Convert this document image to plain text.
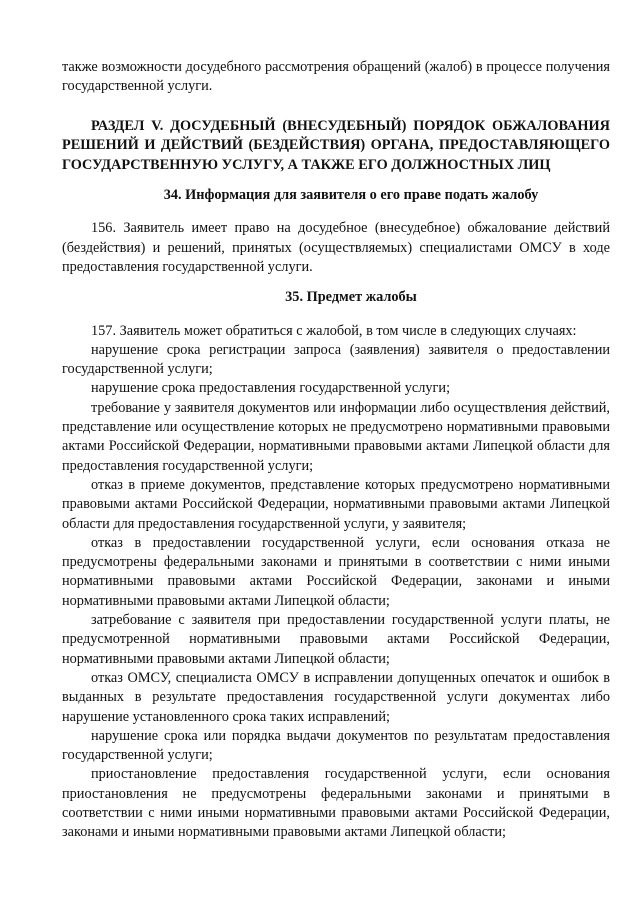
также возможности досудебного рассмотрения обращений (жалоб) в процессе получения государственной услуги.

РАЗДЕЛ V. ДОСУДЕБНЫЙ (ВНЕСУДЕБНЫЙ) ПОРЯДОК ОБЖАЛОВАНИЯ РЕШЕНИЙ И ДЕЙСТВИЙ (БЕЗДЕЙСТВИЯ) ОРГАНА, ПРЕДОСТАВЛЯЮЩЕГО ГОСУДАРСТВЕННУЮ УСЛУГУ, А ТАКЖЕ ЕГО ДОЛЖНОСТНЫХ ЛИЦ

34. Информация для заявителя о его праве подать жалобу

156. Заявитель имеет право на досудебное (внесудебное) обжалование действий (бездействия) и решений, принятых (осуществляемых) специалистами ОМСУ в ходе предоставления государственной услуги.

35. Предмет жалобы

157. Заявитель может обратиться с жалобой, в том числе в следующих случаях:

нарушение срока регистрации запроса (заявления) заявителя о предоставлении государственной услуги;

нарушение срока предоставления государственной услуги;

требование у заявителя документов или информации либо осуществления действий, представление или осуществление которых не предусмотрено нормативными правовыми актами Российской Федерации, нормативными правовыми актами Липецкой области для предоставления государственной услуги;

отказ в приеме документов, представление которых предусмотрено нормативными правовыми актами Российской Федерации, нормативными правовыми актами Липецкой области для предоставления государственной услуги, у заявителя;

отказ в предоставлении государственной услуги, если основания отказа не предусмотрены федеральными законами и принятыми в соответствии с ними иными нормативными правовыми актами Российской Федерации, законами и иными нормативными правовыми актами Липецкой области;

затребование с заявителя при предоставлении государственной услуги платы, не предусмотренной нормативными правовыми актами Российской Федерации, нормативными правовыми актами Липецкой области;

отказ ОМСУ, специалиста ОМСУ в исправлении допущенных опечаток и ошибок в выданных в результате предоставления государственной услуги документах либо нарушение установленного срока таких исправлений;

нарушение срока или порядка выдачи документов по результатам предоставления государственной услуги;

приостановление предоставления государственной услуги, если основания приостановления не предусмотрены федеральными законами и принятыми в соответствии с ними иными нормативными правовыми актами Российской Федерации, законами и иными нормативными правовыми актами Липецкой области;
